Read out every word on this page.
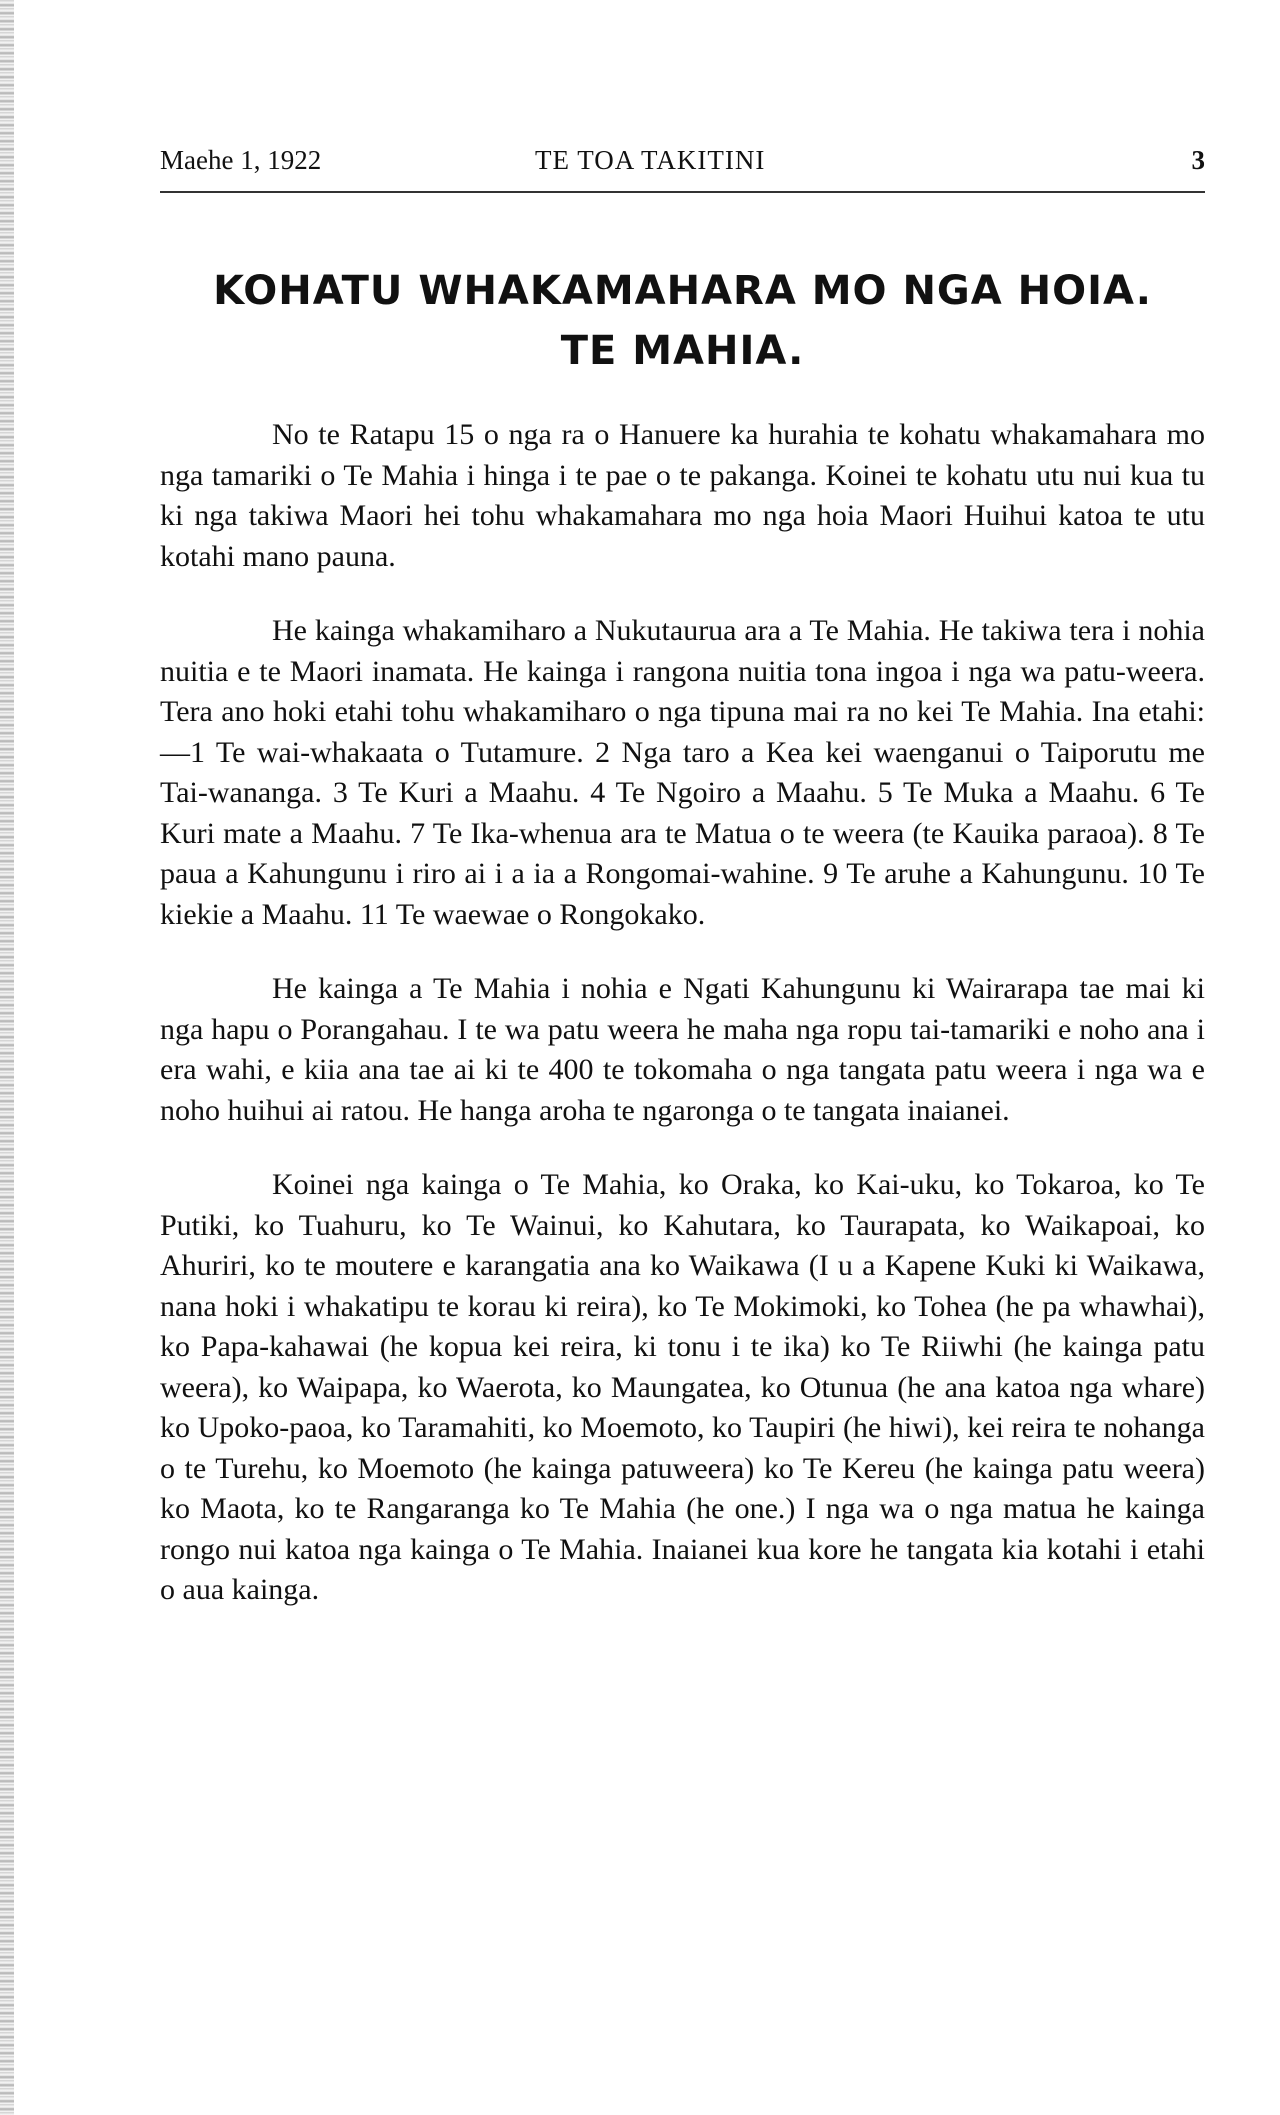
Maehe 1, 1922	TE TOA TAKITINI	3
KOHATU WHAKAMAHARA MO NGA HOIA.
TE MAHIA.

No te Ratapu 15 o nga ra o Hanuere ka hurahia te kohatu whakamahara mo nga tamariki o Te Mahia i hinga i te pae o te pakanga. Koinei te kohatu utu nui kua tu ki nga takiwa Maori hei tohu whakamahara mo nga hoia Maori Huihui katoa te utu kotahi mano pauna.

He kainga whakamiharo a Nukutaurua ara a Te Mahia. He takiwa tera i nohia nuitia e te Maori inamata. He kainga i rangona nuitia tona ingoa i nga wa patu-weera. Tera ano hoki etahi tohu whakamiharo o nga tipuna mai ra no kei Te Mahia. Ina etahi:—1 Te wai-whakaata o Tutamure. 2 Nga taro a Kea kei waenganui o Taiporutu me Tai-wananga. 3 Te Kuri a Maahu. 4 Te Ngoiro a Maahu. 5 Te Muka a Maahu. 6 Te Kuri mate a Maahu. 7 Te Ika-whenua ara te Matua o te weera (te Kauika paraoa). 8 Te paua a Kahungunu i riro ai i a ia a Rongomai-wahine. 9 Te aruhe a Kahungunu. 10 Te kiekie a Maahu. 11 Te waewae o Rongokako.

He kainga a Te Mahia i nohia e Ngati Kahungunu ki Wairarapa tae mai ki nga hapu o Porangahau. I te wa patu weera he maha nga ropu tai-tamariki e noho ana i era wahi, e kiia ana tae ai ki te 400 te tokomaha o nga tangata patu weera i nga wa e noho huihui ai ratou. He hanga aroha te ngaronga o te tangata inaianei.

Koinei nga kainga o Te Mahia, ko Oraka, ko Kai-uku, ko Tokaroa, ko Te Putiki, ko Tuahuru, ko Te Wainui, ko Kahutara, ko Taurapata, ko Waikapoai, ko Ahuriri, ko te moutere e karangatia ana ko Waikawa (I u a Kapene Kuki ki Waikawa, nana hoki i whakatipu te korau ki reira), ko Te Mokimoki, ko Tohea (he pa whawhai), ko Papa-kahawai (he kopua kei reira, ki tonu i te ika) ko Te Riiwhi (he kainga patu weera), ko Waipapa, ko Waerota, ko Maungatea, ko Otunua (he ana katoa nga whare) ko Upoko-paoa, ko Taramahiti, ko Moemoto, ko Taupiri (he hiwi), kei reira te nohanga o te Turehu, ko Moemoto (he kainga patuweera) ko Te Kereu (he kainga patu weera) ko Maota, ko te Rangaranga ko Te Mahia (he one.) I nga wa o nga matua he kainga rongo nui katoa nga kainga o Te Mahia. Inaianei kua kore he tangata kia kotahi i etahi o aua kainga.
